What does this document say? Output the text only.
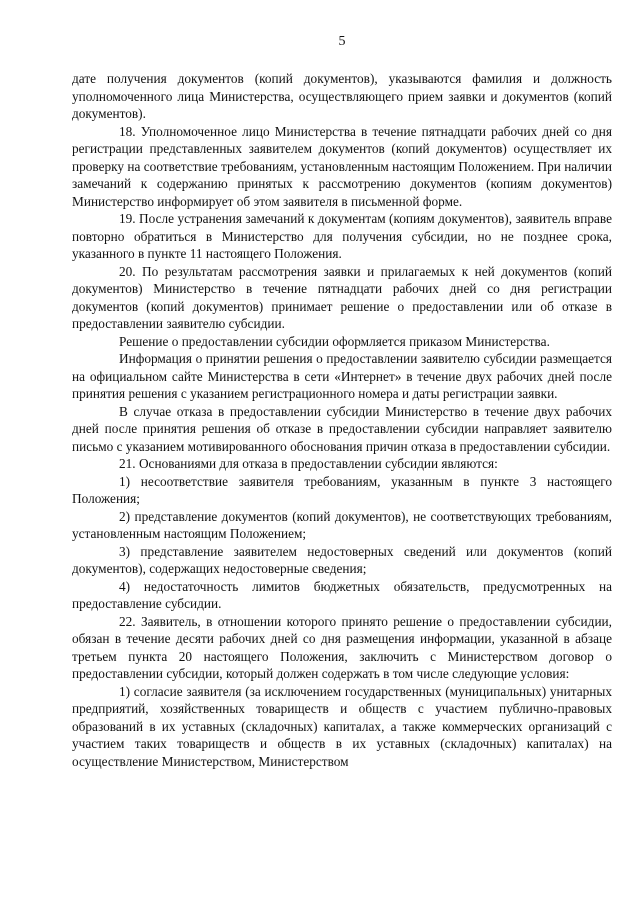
5

дате получения документов (копий документов), указываются фамилия и должность уполномоченного лица Министерства, осуществляющего прием заявки и документов (копий документов).

18. Уполномоченное лицо Министерства в течение пятнадцати рабочих дней со дня регистрации представленных заявителем документов (копий документов) осуществляет их проверку на соответствие требованиям, установленным настоящим Положением. При наличии замечаний к содержанию принятых к рассмотрению документов (копиям документов) Министерство информирует об этом заявителя в письменной форме.

19. После устранения замечаний к документам (копиям документов), заявитель вправе повторно обратиться в Министерство для получения субсидии, но не позднее срока, указанного в пункте 11 настоящего Положения.

20. По результатам рассмотрения заявки и прилагаемых к ней документов (копий документов) Министерство в течение пятнадцати рабочих дней со дня регистрации документов (копий документов) принимает решение о предоставлении или об отказе в предоставлении заявителю субсидии.

Решение о предоставлении субсидии оформляется приказом Министерства.

Информация о принятии решения о предоставлении заявителю субсидии размещается на официальном сайте Министерства в сети «Интернет» в течение двух рабочих дней после принятия решения с указанием регистрационного номера и даты регистрации заявки.

В случае отказа в предоставлении субсидии Министерство в течение двух рабочих дней после принятия решения об отказе в предоставлении субсидии направляет заявителю письмо с указанием мотивированного обоснования причин отказа в предоставлении субсидии.

21. Основаниями для отказа в предоставлении субсидии являются:

1) несоответствие заявителя требованиям, указанным в пункте 3 настоящего Положения;

2) представление документов (копий документов), не соответствующих требованиям, установленным настоящим Положением;

3) представление заявителем недостоверных сведений или документов (копий документов), содержащих недостоверные сведения;

4) недостаточность лимитов бюджетных обязательств, предусмотренных на предоставление субсидии.

22. Заявитель, в отношении которого принято решение о предоставлении субсидии, обязан в течение десяти рабочих дней со дня размещения информации, указанной в абзаце третьем пункта 20 настоящего Положения, заключить с Министерством договор о предоставлении субсидии, который должен содержать в том числе следующие условия:

1) согласие заявителя (за исключением государственных (муниципальных) унитарных предприятий, хозяйственных товариществ и обществ с участием публично-правовых образований в их уставных (складочных) капиталах, а также коммерческих организаций с участием таких товариществ и обществ в их уставных (складочных) капиталах) на осуществление Министерством, Министерством
